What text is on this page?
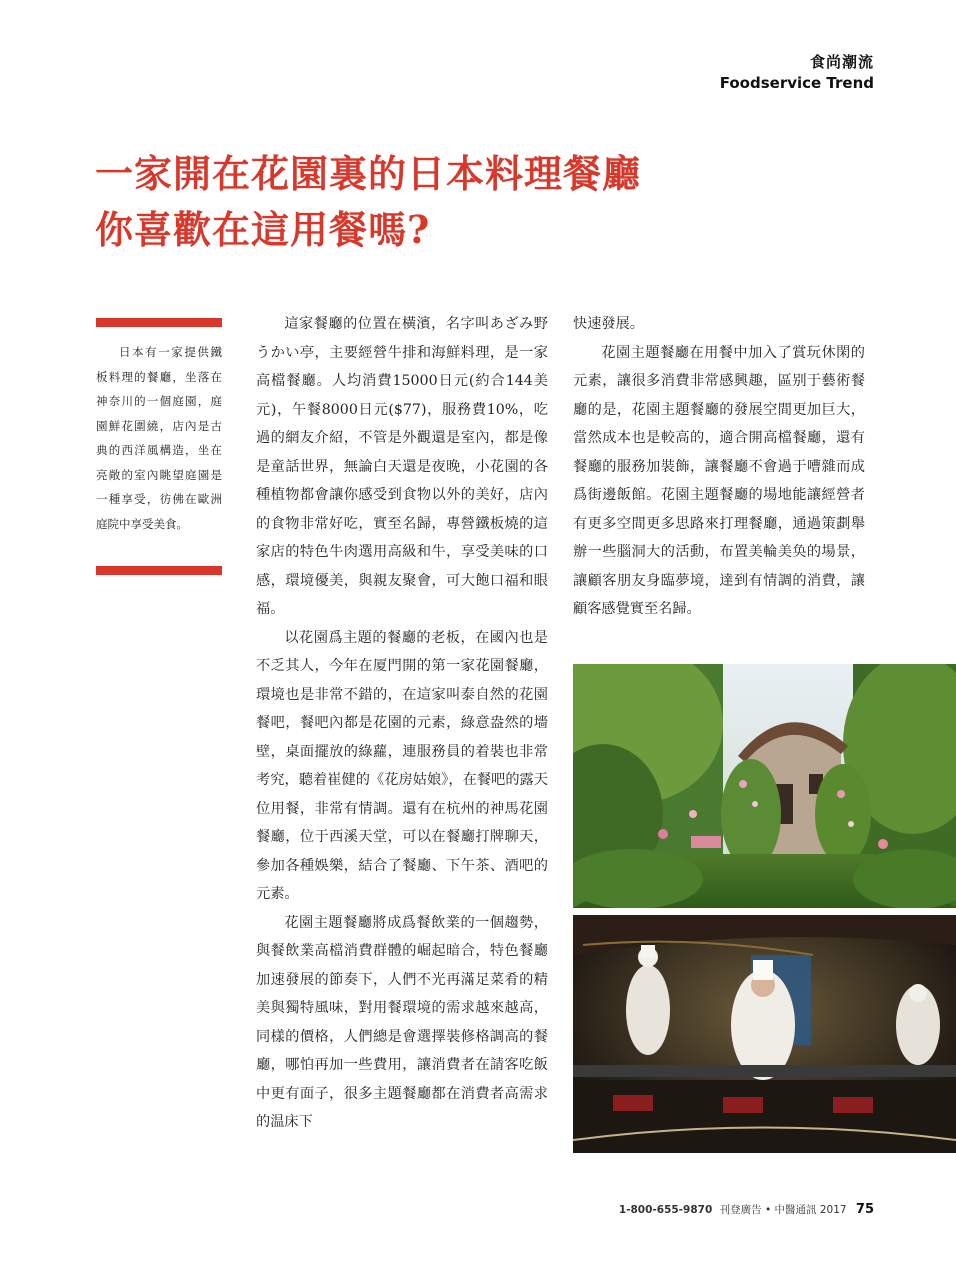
食尚潮流
Foodservice Trend
一家開在花園裏的日本料理餐廳
你喜歡在這用餐嗎?

日本有一家提供鐵板料理的餐廳，坐落在神奈川的一個庭園，庭園鮮花圍繞，店內是古典的西洋風構造，坐在亮敞的室內眺望庭園是一種享受，彷佛在歐洲庭院中享受美食。

這家餐廳的位置在橫濱，名字叫あざみ野うかい亭，主要經營牛排和海鮮料理，是一家高檔餐廳。人均消費15000日元(約合144美元)，午餐8000日元($77)，服務費10%，吃過的網友介紹，不管是外觀還是室內，都是像是童話世界，無論白天還是夜晚，小花園的各種植物都會讓你感受到食物以外的美好，店內的食物非常好吃，實至名歸，專營鐵板燒的這家店的特色牛肉選用高級和牛，享受美味的口感，環境優美，與親友聚會，可大飽口福和眼福。

以花園爲主題的餐廳的老板，在國內也是不乏其人，今年在厦門開的第一家花園餐廳，環境也是非常不錯的，在這家叫泰自然的花園餐吧，餐吧內都是花園的元素，綠意盎然的墻壁，桌面擺放的綠蘿，連服務員的着裝也非常考究，聽着崔健的《花房姑娘》，在餐吧的露天位用餐，非常有情調。還有在杭州的神馬花園餐廳，位于西溪天堂，可以在餐廳打牌聊天，參加各種娛樂，結合了餐廳、下午茶、酒吧的元素。

花園主題餐廳將成爲餐飲業的一個趨勢，與餐飲業高檔消費群體的崛起暗合，特色餐廳加速發展的節奏下，人們不光再滿足菜肴的精美與獨特風味，對用餐環境的需求越來越高，同樣的價格，人們總是會選擇裝修格調高的餐廳，哪怕再加一些費用，讓消費者在請客吃飯中更有面子，很多主題餐廳都在消費者高需求的温床下

快速發展。

花園主題餐廳在用餐中加入了賞玩休閑的元素，讓很多消費非常感興趣，區别于藝術餐廳的是，花園主題餐廳的發展空間更加巨大，當然成本也是較高的，適合開高檔餐廳，還有餐廳的服務加裝飾，讓餐廳不會過于嘈雜而成爲街邊飯館。花園主題餐廳的場地能讓經營者有更多空間更多思路來打理餐廳，通過策劃舉辦一些腦洞大的活動，布置美輪美奂的場景，讓顧客朋友身臨夢境，達到有情調的消費，讓顧客感覺實至名歸。

1-800-655-9870 刊登廣告 • 中醫通訊 2017 75
